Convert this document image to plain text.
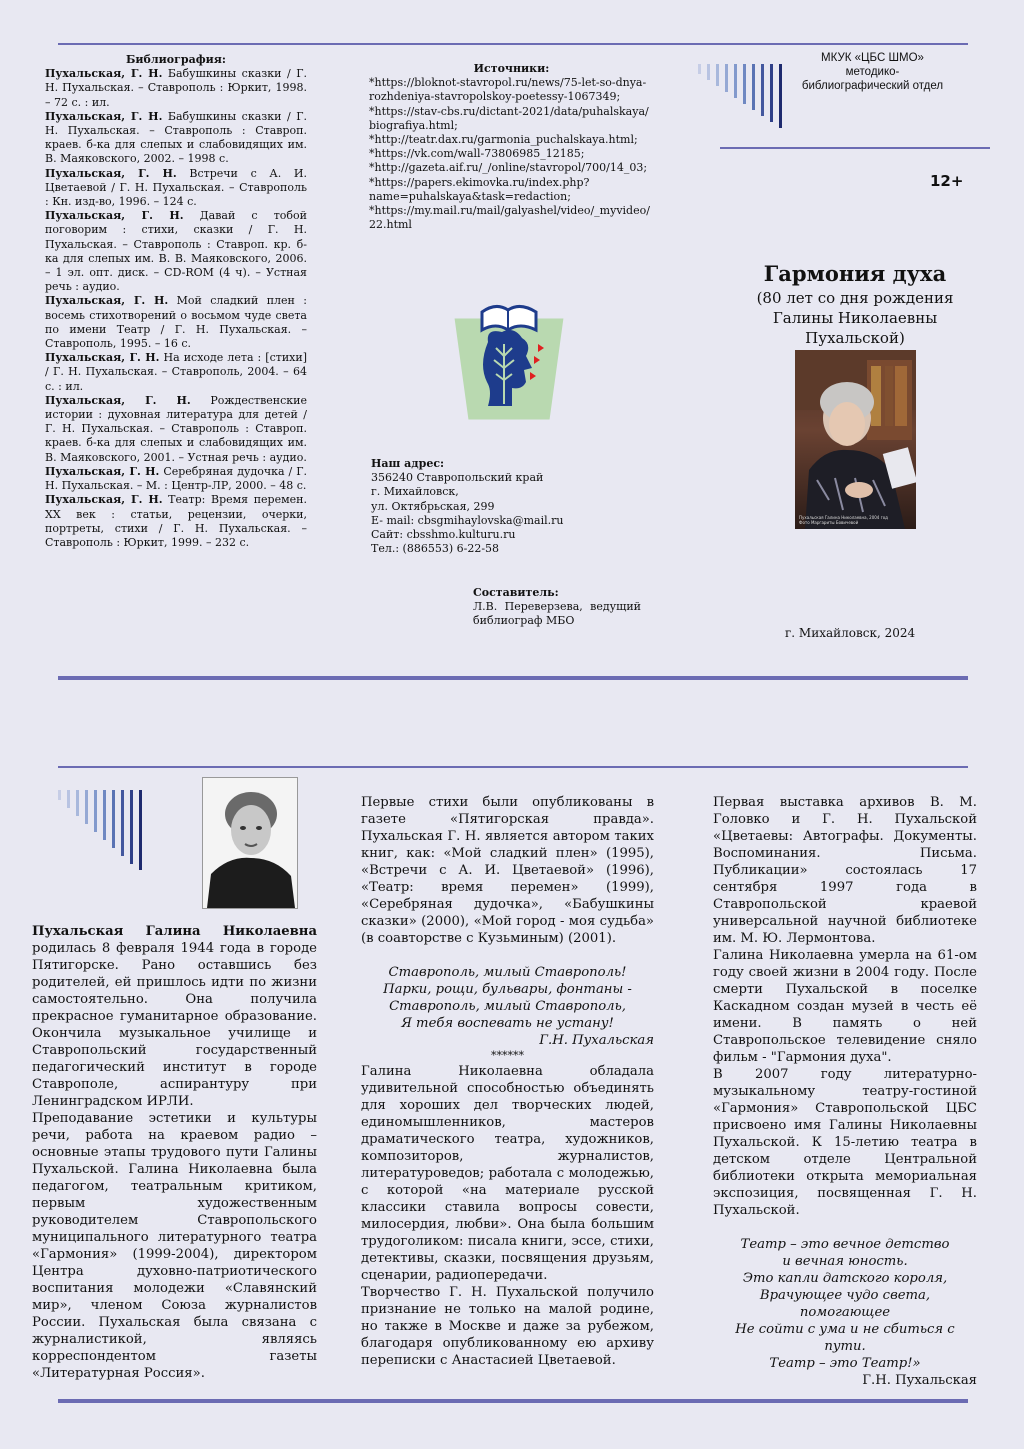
Библиография:

Пухальская, Г. Н. Бабушкины сказки / Г. Н. Пухальская. – Ставрополь : Юркит, 1998. – 72 с. : ил.

Пухальская, Г. Н. Бабушкины сказки / Г. Н. Пухальская. – Ставрополь : Ставроп. краев. б-ка для слепых и слабовидящих им. В. Маяковского, 2002. – 1998 с.

Пухальская, Г. Н. Встречи с А. И. Цветаевой / Г. Н. Пухальская. – Ставрополь : Кн. изд-во, 1996. – 124 с.

Пухальская, Г. Н. Давай с тобой поговорим : стихи, сказки / Г. Н. Пухальская. – Ставрополь : Ставроп. кр. б-ка для слепых им. В. В. Маяковского, 2006. – 1 эл. опт. диск. – CD-ROM (4 ч). – Устная речь : аудио.

Пухальская, Г. Н. Мой сладкий плен : восемь стихотворений о восьмом чуде света по имени Театр / Г. Н. Пухальская. – Ставрополь, 1995. – 16 с.

Пухальская, Г. Н. На исходе лета : [стихи] / Г. Н. Пухальская. – Ставрополь, 2004. – 64 с. : ил.

Пухальская, Г. Н. Рождественские истории : духовная литература для детей / Г. Н. Пухальская. – Ставрополь : Ставроп. краев. б-ка для слепых и слабовидящих им. В. Маяковского, 2001. – Устная речь : аудио.

Пухальская, Г. Н. Серебряная дудочка / Г. Н. Пухальская. – М. : Центр-ЛР, 2000. – 48 с.

Пухальская, Г. Н. Театр: Время перемен. XX век : статьи, рецензии, очерки, портреты, стихи / Г. Н. Пухальская. – Ставрополь : Юркит, 1999. – 232 с.

Источники:
*https://bloknot-stavropol.ru/news/75-let-so-dnya-
rozhdeniya-stavropolskoy-poetessy-1067349;
*https://stav-cbs.ru/dictant-2021/data/puhalskaya/
biografiya.html;
*http://teatr.dax.ru/garmonia_puchalskaya.html;
*https://vk.com/wall-73806985_12185;
*http://gazeta.aif.ru/_/online/stavropol/700/14_03;
*https://papers.ekimovka.ru/index.php?
name=puhalskaya&task=redaction;
*https://my.mail.ru/mail/galyashel/video/_myvideo/
22.html
МКУК «ЦБС ШМО»
методико-
библиографический отдел
12+
Гармония духа
(80 лет со дня рождения
Галины Николаевны
Пухальской)
Пухальская Галина Николаевна, 2004 год
Фото Маргариты Бовичевой
Наш адрес:
356240 Ставропольский край
г. Михайловск,
ул. Октябрьская, 299
E- mail: cbsgmihaylovska@mail.ru
Сайт: cbsshmo.kulturu.ru
Тел.: (886553) 6-22-58
Составитель:
Л.В. Переверзева, ведущий библиограф МБО
г. Михайловск, 2024

Пухальская Галина Николаевна родилась 8 февраля 1944 года в городе Пятигорске. Рано оставшись без родителей, ей пришлось идти по жизни самостоятельно. Она получила прекрасное гуманитарное образование. Окончила музыкальное училище и Ставропольский государственный педагогический институт в городе Ставрополе, аспирантуру при Ленинградском ИРЛИ.

Преподавание эстетики и культуры речи, работа на краевом радио – основные этапы трудового пути Галины Пухальской. Галина Николаевна была педагогом, театральным критиком, первым художественным руководителем Ставропольского муниципального литературного театра «Гармония» (1999-2004), директором Центра духовно-патриотического воспитания молодежи «Славянский мир», членом Союза журналистов России. Пухальская была связана с журналистикой, являясь корреспондентом газеты «Литературная Россия».

Первые стихи были опубликованы в газете «Пятигорская правда». Пухальская Г. Н. является автором таких книг, как: «Мой сладкий плен» (1995), «Встречи с А. И. Цветаевой» (1996), «Театр: время перемен» (1999), «Серебряная дудочка», «Бабушкины сказки» (2000), «Мой город - моя судьба» (в соавторстве с Кузьминым) (2001).

Ставрополь, милый Ставрополь!

Парки, рощи, бульвары, фонтаны -

Ставрополь, милый Ставрополь,

Я тебя воспевать не устану!

Г.Н. Пухальская

******

Галина Николаевна обладала удивительной способностью объединять для хороших дел творческих людей, единомышленников, мастеров драматического театра, художников, композиторов, журналистов, литературоведов; работала с молодежью, с которой «на материале русской классики ставила вопросы совести, милосердия, любви». Она была большим трудоголиком: писала книги, эссе, стихи, детективы, сказки, посвящения друзьям, сценарии, радиопередачи.

Творчество Г. Н. Пухальской получило признание не только на малой родине, но также в Москве и даже за рубежом, благодаря опубликованному ею архиву переписки с Анастасией Цветаевой.

Первая выставка архивов В. М. Головко и Г. Н. Пухальской «Цветаевы: Автографы. Документы. Воспоминания. Письма. Публикации» состоялась 17 сентября 1997 года в Ставропольской краевой универсальной научной библиотеке им. М. Ю. Лермонтова.

Галина Николаевна умерла на 61-ом году своей жизни в 2004 году. После смерти Пухальской в поселке Каскадном создан музей в честь её имени. В память о ней Ставропольское телевидение сняло фильм - "Гармония духа".

В 2007 году литературно-музыкальному театру-гостиной «Гармония» Ставропольской ЦБС присвоено имя Галины Николаевны Пухальской. К 15-летию театра в детском отделе Центральной библиотеки открыта мемориальная экспозиция, посвященная Г. Н. Пухальской.

Театр – это вечное детство

и вечная юность.

Это капли датского короля,

Врачующее чудо света, помогающее

Не сойти с ума и не сбиться с пути.

Театр – это Театр!»

Г.Н. Пухальская
